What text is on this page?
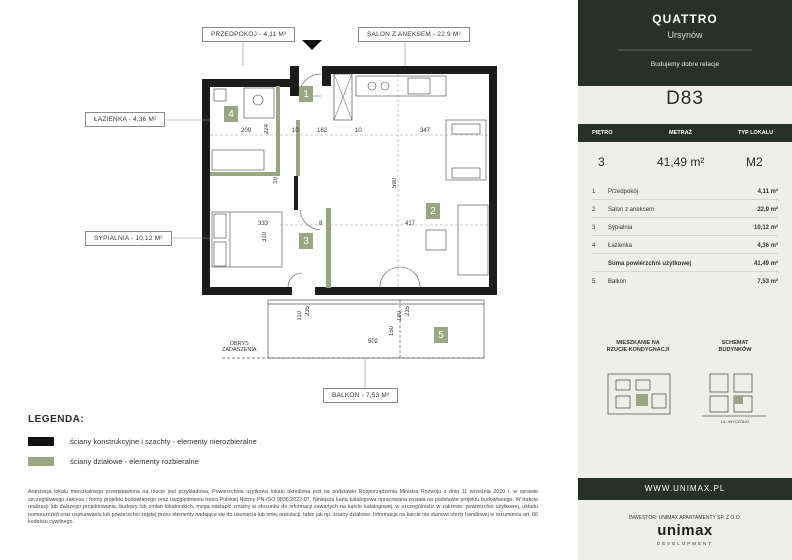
PRZEDPOKÓJ - 4,11 M²	SALON Z ANEKSEM - 22,9 M²
ŁAZIENKA - 4,36 M²
SYPIALNIA - 10,12 M²
BALKON - 7,53 M²
OBRYS
ZADASZENIA
1
2
3
4
5
209 224	10	182	10	347
590
10
333
310
8	417
110 235
150
180 235
502
LEGENDA:
ściany konstrukcyjne i szachty - elementy nierozbieralne
ściany działowe - elementy rozbieralne
Aranżacja lokalu mieszkalnego przedstawiona na rzucie jest przykładowa. Powierzchnia użytkowa lokalu określona jest na podstawie Rozporządzenia Ministra Rozwoju z dnia 11 września 2020 r. w sprawie szczegółowego zakresu i formy projektu budowlanego oraz uwzględnieniu treści Polskiej Normy PN-ISO 9836:2022-07. Niniejsza karta katalogowa opracowana została na podstawie projektu budowlanego. W trakcie realizacji lub dalszego projektowania, budowy lub zmian lokatorskich, mogą nastąpić zmiany w stosunku do informacji zawartych na karcie katalogowej, w szczególności w zakresie: powierzchni użytkowej, układu pomieszczeń oraz usytuowaniu lub powierzchni zajętej przez elementy nadające się do usunięcia lub innej aranżacji, takie jak np. ściany działowe. Informacja na karcie nie stanowi oferty handlowej w rozumieniu art. 66 kodeksu cywilnego.
QUATTRO
Ursynów
Budujemy dobre relacje
D83
PIĘTRO	METRAŻ	TYP LOKALU
3	41,49 m²	M2
1 Przedpokój	4,11 m²
2 Salon z aneksem	22,9 m²
3 Sypialnia	10,12 m²
4 Łazienka	4,36 m²
Suma powierzchni użytkowej	41,49 m²
5 Balkon	7,53 m²
MIESZKANIE NA
RZUCIE KONDYGNACJI
SCHEMAT
BUDYNKÓW
UL. WYCZÓŁKI
WWW.UNIMAX.PL
INWESTOR: UNIMAX APARTAMENTY SP. Z O.O.
unimax
DEVELOPMENT
